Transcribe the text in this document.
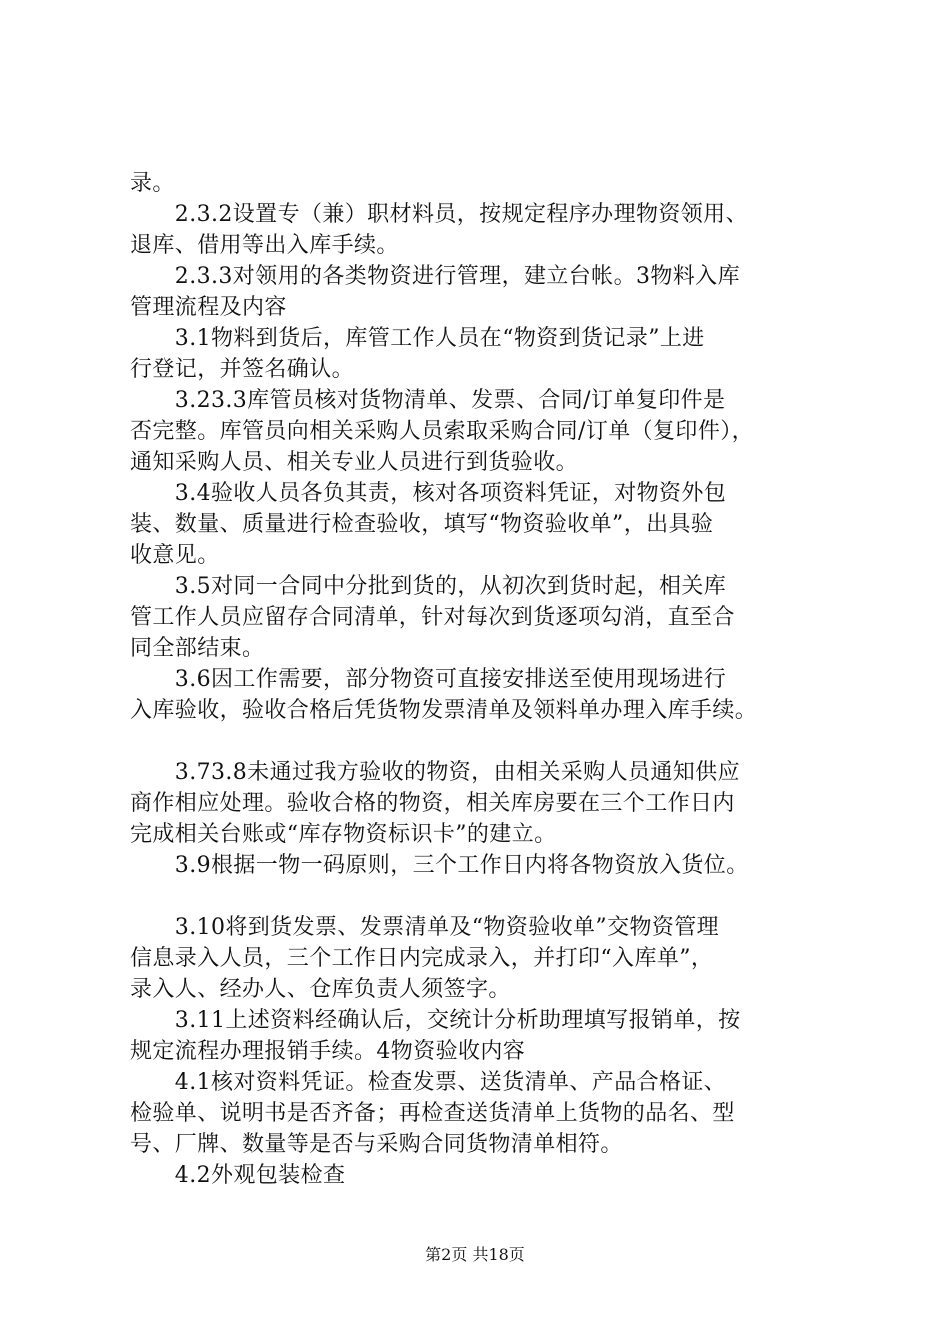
录。
　　2.3.2设置专（兼）职材料员，按规定程序办理物资领用、
退库、借用等出入库手续。
　　2.3.3对领用的各类物资进行管理，建立台帐。3物料入库
管理流程及内容
　　3.1物料到货后，库管工作人员在“物资到货记录”上进
行登记，并签名确认。
　　3.23.3库管员核对货物清单、发票、合同/订单复印件是
否完整。库管员向相关采购人员索取采购合同/订单（复印件），
通知采购人员、相关专业人员进行到货验收。
　　3.4验收人员各负其责，核对各项资料凭证，对物资外包
装、数量、质量进行检查验收，填写“物资验收单”，出具验
收意见。
　　3.5对同一合同中分批到货的，从初次到货时起，相关库
管工作人员应留存合同清单，针对每次到货逐项勾消，直至合
同全部结束。
　　3.6因工作需要，部分物资可直接安排送至使用现场进行
入库验收，验收合格后凭货物发票清单及领料单办理入库手续。
　　3.73.8未通过我方验收的物资，由相关采购人员通知供应
商作相应处理。验收合格的物资，相关库房要在三个工作日内
完成相关台账或“库存物资标识卡”的建立。
　　3.9根据一物一码原则，三个工作日内将各物资放入货位。
　　3.10将到货发票、发票清单及“物资验收单”交物资管理
信息录入人员，三个工作日内完成录入，并打印“入库单”，
录入人、经办人、仓库负责人须签字。
　　3.11上述资料经确认后，交统计分析助理填写报销单，按
规定流程办理报销手续。4物资验收内容
　　4.1核对资料凭证。检查发票、送货清单、产品合格证、
检验单、说明书是否齐备；再检查送货清单上货物的品名、型
号、厂牌、数量等是否与采购合同货物清单相符。
　　4.2外观包装检查
第2页 共18页
